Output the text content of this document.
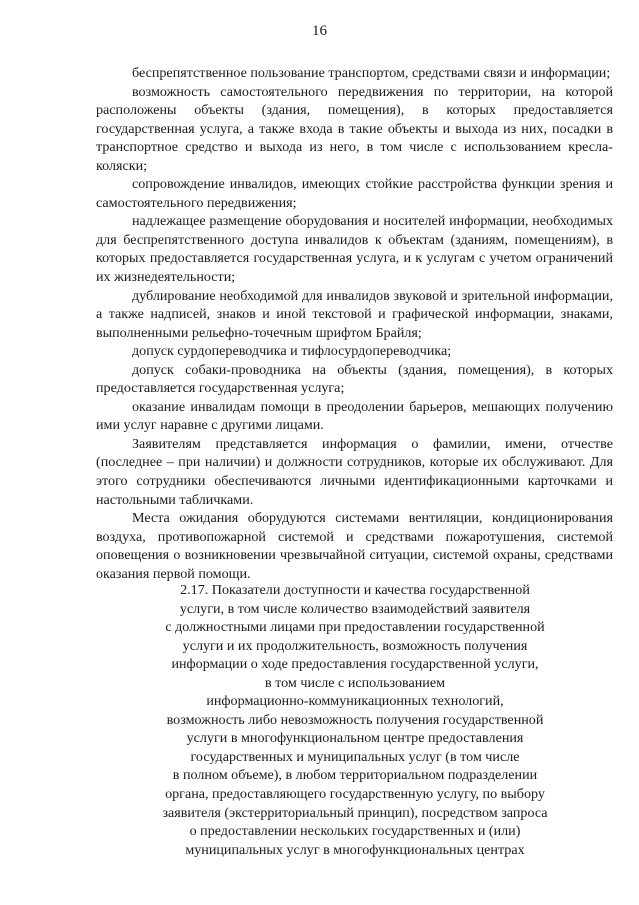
16

беспрепятственное пользование транспортом, средствами связи и информации;

возможность самостоятельного передвижения по территории, на которой расположены объекты (здания, помещения), в которых предоставляется государственная услуга, а также входа в такие объекты и выхода из них, посадки в транспортное средство и выхода из него, в том числе с использованием кресла-коляски;

сопровождение инвалидов, имеющих стойкие расстройства функции зрения и самостоятельного передвижения;

надлежащее размещение оборудования и носителей информации, необходимых для беспрепятственного доступа инвалидов к объектам (зданиям, помещениям), в которых предоставляется государственная услуга, и к услугам с учетом ограничений их жизнедеятельности;

дублирование необходимой для инвалидов звуковой и зрительной информации, а также надписей, знаков и иной текстовой и графической информации, знаками, выполненными рельефно-точечным шрифтом Брайля;

допуск сурдопереводчика и тифлосурдопереводчика;

допуск собаки-проводника на объекты (здания, помещения), в которых предоставляется государственная услуга;

оказание инвалидам помощи в преодолении барьеров, мешающих получению ими услуг наравне с другими лицами.

Заявителям представляется информация о фамилии, имени, отчестве (последнее – при наличии) и должности сотрудников, которые их обслуживают. Для этого сотрудники обеспечиваются личными идентификационными карточками и настольными табличками.

Места ожидания оборудуются системами вентиляции, кондиционирования воздуха, противопожарной системой и средствами пожаротушения, системой оповещения о возникновении чрезвычайной ситуации, системой охраны, средствами оказания первой помощи.

2.17. Показатели доступности и качества государственной
услуги, в том числе количество взаимодействий заявителя
с должностными лицами при предоставлении государственной
услуги и их продолжительность, возможность получения
информации о ходе предоставления государственной услуги,
в том числе с использованием
информационно-коммуникационных технологий,
возможность либо невозможность получения государственной
услуги в многофункциональном центре предоставления
государственных и муниципальных услуг (в том числе
в полном объеме), в любом территориальном подразделении
органа, предоставляющего государственную услугу, по выбору
заявителя (экстерриториальный принцип), посредством запроса
о предоставлении нескольких государственных и (или)
муниципальных услуг в многофункциональных центрах
